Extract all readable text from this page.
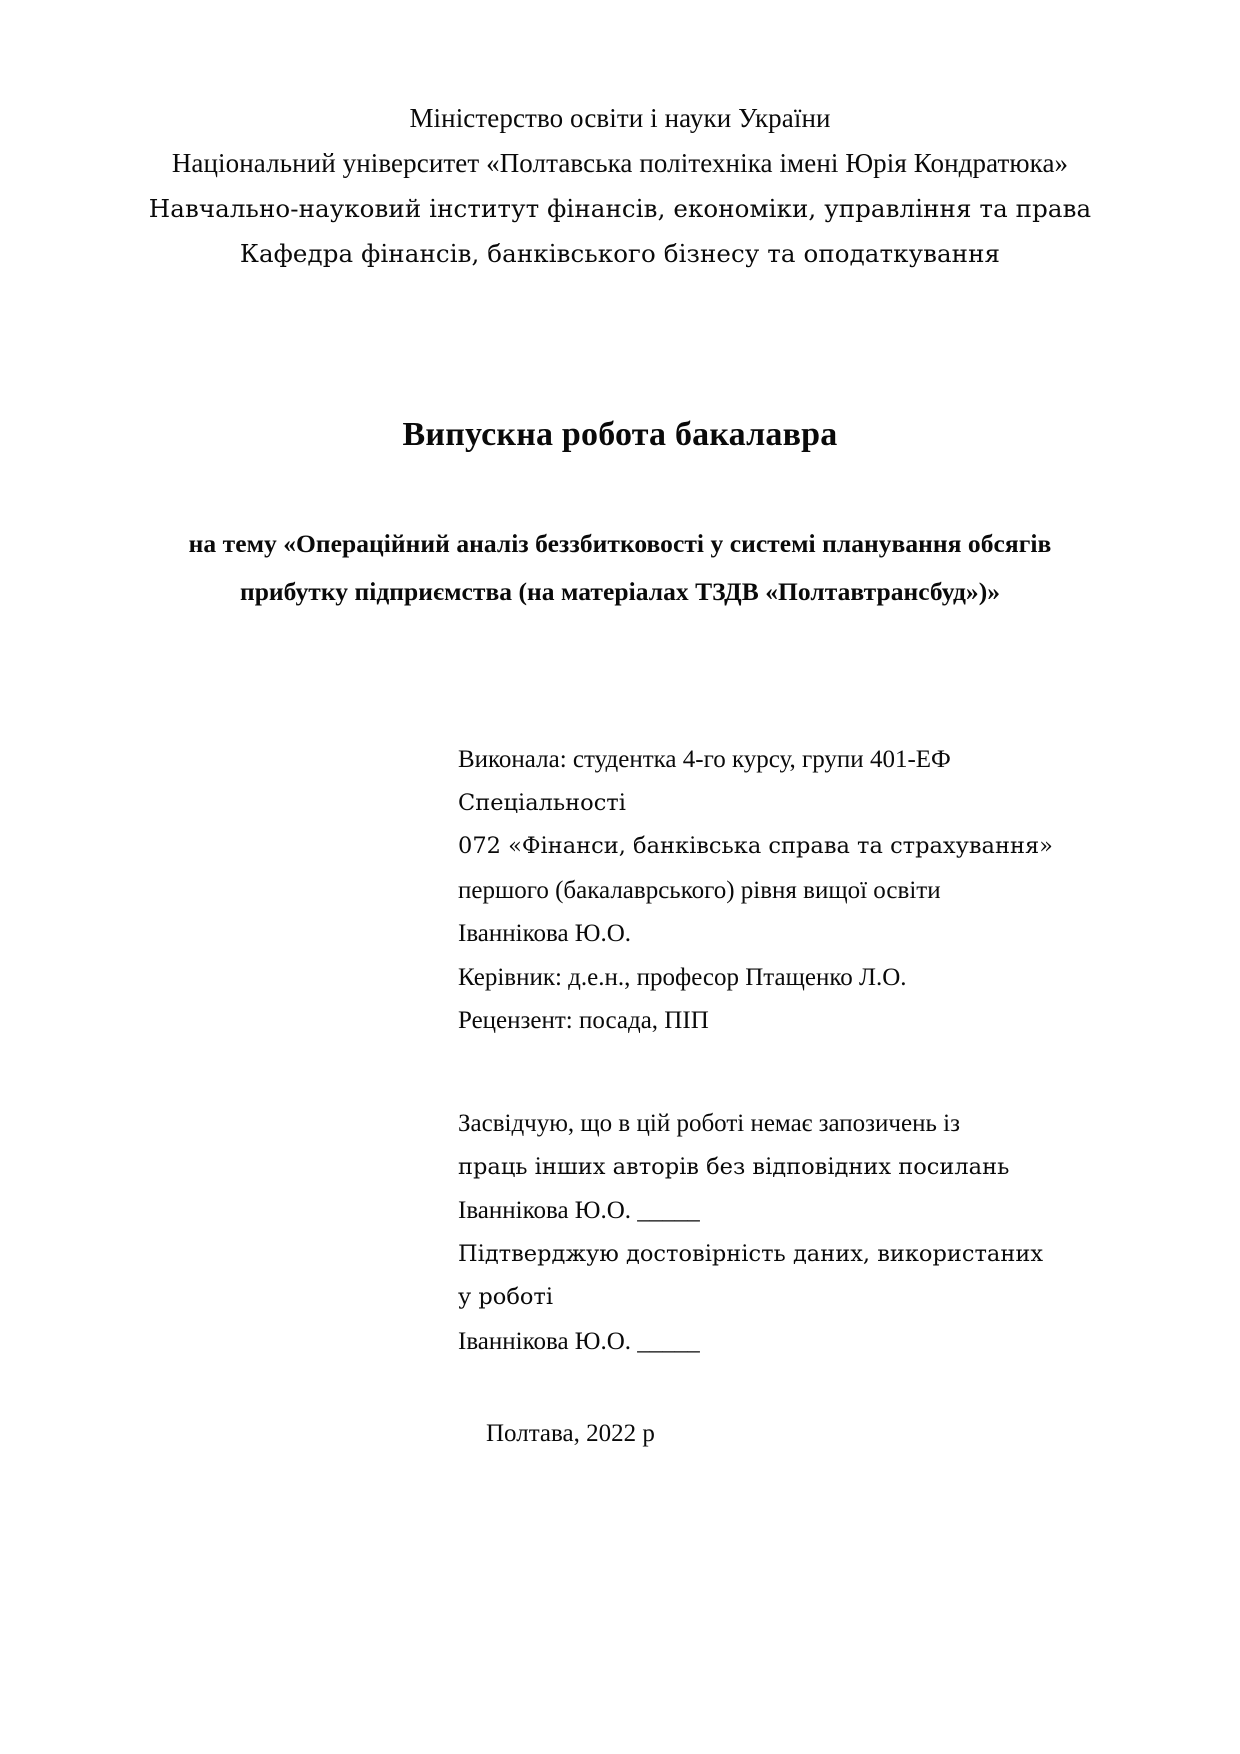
Міністерство освіти і науки України
Національний університет «Полтавська політехніка імені Юрія Кондратюка»
Навчально-науковий інститут фінансів, економіки, управління та права
Кафедра фінансів, банківського бізнесу та оподаткування
Випускна робота бакалавра
на тему «Операційний аналіз беззбитковості у системі планування обсягів
прибутку підприємства (на матеріалах ТЗДВ «Полтавтрансбуд»)»
Виконала: студентка 4-го курсу, групи 401-ЕФ
Спеціальності
072 «Фінанси, банківська справа та страхування»
першого (бакалаврського) рівня вищої освіти
Іваннікова Ю.О.
Керівник: д.е.н., професор Птащенко Л.О.
Рецензент: посада, ПІП
Засвідчую, що в цій роботі немає запозичень із
праць інших авторів без відповідних посилань
Іваннікова Ю.О. _____
Підтверджую достовірність даних, використаних
у роботі
Іваннікова Ю.О. _____
Полтава, 2022 р
